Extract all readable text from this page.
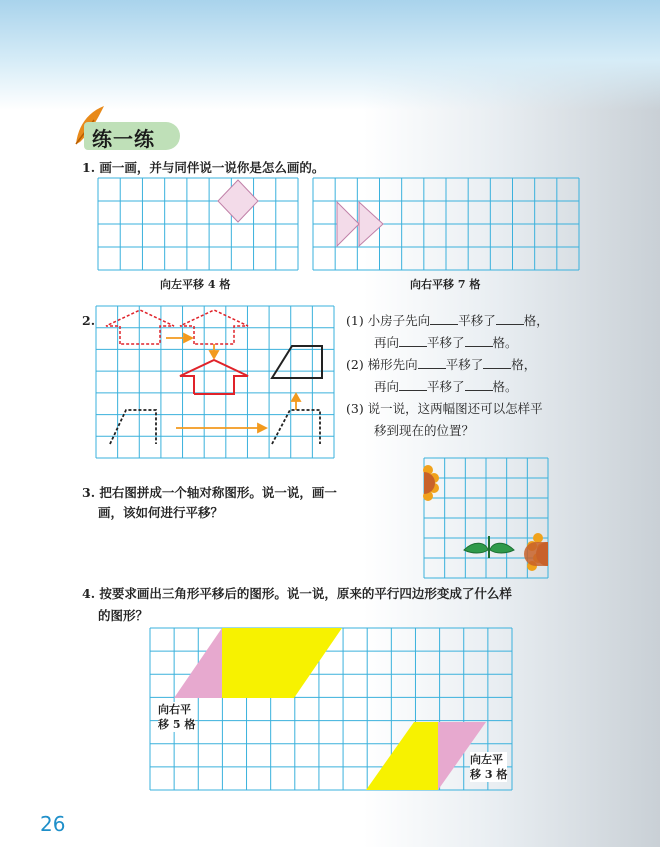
练一练
1. 画一画，并与同伴说一说你是怎么画的。
向左平移 4 格	向右平移 7 格
2.	(1) 小房子先向 平移了 格，
再向 平移了 格。
(2) 梯形先向 平移了 格，
再向 平移了 格。
(3) 说一说，这两幅图还可以怎样平
移到现在的位置？
3. 把右图拼成一个轴对称图形。说一说，画一
画，该如何进行平移？
4. 按要求画出三角形平移后的图形。说一说，原来的平行四边形变成了什么样
的图形？
向右平
移 5 格
向左平
移 3 格
26
